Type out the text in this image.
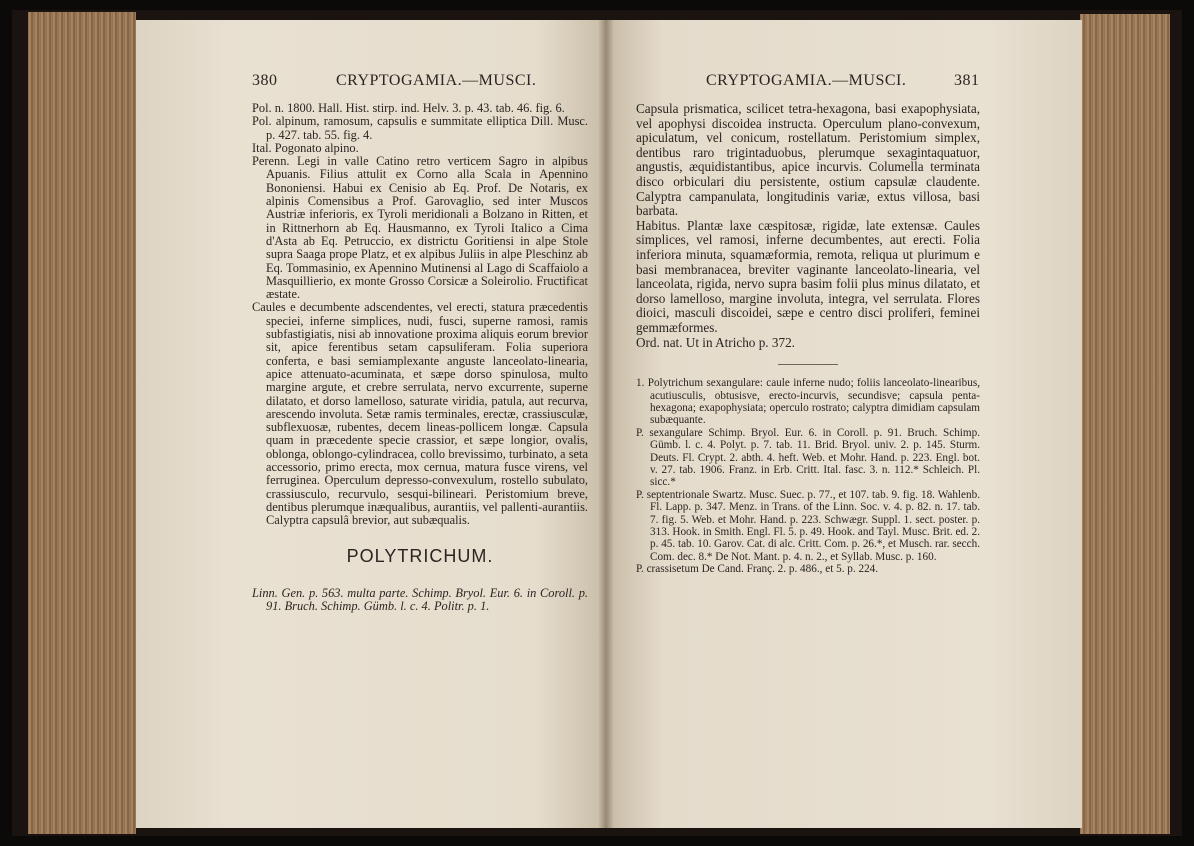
380	CRYPTOGAMIA.—MUSCI.

Pol. n. 1800. Hall. Hist. stirp. ind. Helv. 3. p. 43. tab. 46. fig. 6.

Pol. alpinum, ramosum, capsulis e summitate elliptica Dill. Musc. p. 427. tab. 55. fig. 4.

Ital. Pogonato alpino.

Perenn. Legi in valle Catino retro verticem Sagro in alpibus Apuanis. Filius attulit ex Corno alla Scala in Apennino Bononiensi. Habui ex Cenisio ab Eq. Prof. De Notaris, ex alpinis Comensibus a Prof. Garovaglio, sed inter Muscos Austriæ inferioris, ex Tyroli meridionali a Bolzano in Ritten, et in Rittnerhorn ab Eq. Hausmanno, ex Tyroli Italico a Cima d'Asta ab Eq. Petruccio, ex districtu Goritiensi in alpe Stole supra Saaga prope Platz, et ex alpibus Juliis in alpe Pleschinz ab Eq. Tommasinio, ex Apennino Mutinensi al Lago di Scaffaiolo a Masquillierio, ex monte Grosso Corsicæ a Soleirolio. Fructificat æstate.

Caules e decumbente adscendentes, vel erecti, statura præcedentis speciei, inferne simplices, nudi, fusci, superne ramosi, ramis subfastigiatis, nisi ab innovatione proxima aliquis eorum brevior sit, apice ferentibus setam capsuliferam. Folia superiora conferta, e basi semiamplexante anguste lanceolato-linearia, apice attenuato-acuminata, et sæpe dorso spinulosa, multo margine argute, et crebre serrulata, nervo excurrente, superne dilatato, et dorso lamelloso, saturate viridia, patula, aut recurva, arescendo involuta. Setæ ramis terminales, erectæ, crassiusculæ, subflexuosæ, rubentes, decem lineas-pollicem longæ. Capsula quam in præcedente specie crassior, et sæpe longior, ovalis, oblonga, oblongo-cylindracea, collo brevissimo, turbinato, a seta accessorio, primo erecta, mox cernua, matura fusce virens, vel ferruginea. Operculum depresso-convexulum, rostello subulato, crassiusculo, recurvulo, sesqui-bilineari. Peristomium breve, dentibus plerumque inæqualibus, aurantiis, vel pallenti-aurantiis. Calyptra capsulâ brevior, aut subæqualis.

POLYTRICHUM.

Linn. Gen. p. 563. multa parte. Schimp. Bryol. Eur. 6. in Coroll. p. 91. Bruch. Schimp. Gümb. l. c. 4. Politr. p. 1.

CRYPTOGAMIA.—MUSCI.	381

Capsula prismatica, scilicet tetra-hexagona, basi exapophysiata, vel apophysi discoidea instructa. Operculum plano-convexum, apiculatum, vel conicum, rostellatum. Peristomium simplex, dentibus raro trigintaduobus, plerumque sexagintaquatuor, angustis, æquidistantibus, apice incurvis. Columella terminata disco orbiculari diu persistente, ostium capsulæ claudente. Calyptra campanulata, longitudinis variæ, extus villosa, basi barbata.

Habitus. Plantæ laxe cæspitosæ, rigidæ, late extensæ. Caules simplices, vel ramosi, inferne decumbentes, aut erecti. Folia inferiora minuta, squamæformia, remota, reliqua ut plurimum e basi membranacea, breviter vaginante lanceolato-linearia, vel lanceolata, rigida, nervo supra basim folii plus minus dilatato, et dorso lamelloso, margine involuta, integra, vel serrulata. Flores dioici, masculi discoidei, sæpe e centro disci proliferi, feminei gemmæformes.

Ord. nat. Ut in Atricho p. 372.

1. Polytrichum sexangulare: caule inferne nudo; foliis lanceolato-linearibus, acutiusculis, obtusisve, erecto-incurvis, secundisve; capsula penta-hexagona; exapophysiata; operculo rostrato; calyptra dimidiam capsulam subæquante.

P. sexangulare Schimp. Bryol. Eur. 6. in Coroll. p. 91. Bruch. Schimp. Gümb. l. c. 4. Polyt. p. 7. tab. 11. Brid. Bryol. univ. 2. p. 145. Sturm. Deuts. Fl. Crypt. 2. abth. 4. heft. Web. et Mohr. Hand. p. 223. Engl. bot. v. 27. tab. 1906. Franz. in Erb. Critt. Ital. fasc. 3. n. 112.* Schleich. Pl. sicc.*

P. septentrionale Swartz. Musc. Suec. p. 77., et 107. tab. 9. fig. 18. Wahlenb. Fl. Lapp. p. 347. Menz. in Trans. of the Linn. Soc. v. 4. p. 82. n. 17. tab. 7. fig. 5. Web. et Mohr. Hand. p. 223. Schwægr. Suppl. 1. sect. poster. p. 313. Hook. in Smith. Engl. Fl. 5. p. 49. Hook. and Tayl. Musc. Brit. ed. 2. p. 45. tab. 10. Garov. Cat. di alc. Critt. Com. p. 26.*, et Musch. rar. secch. Com. dec. 8.* De Not. Mant. p. 4. n. 2., et Syllab. Musc. p. 160.

P. crassisetum De Cand. Franç. 2. p. 486., et 5. p. 224.
